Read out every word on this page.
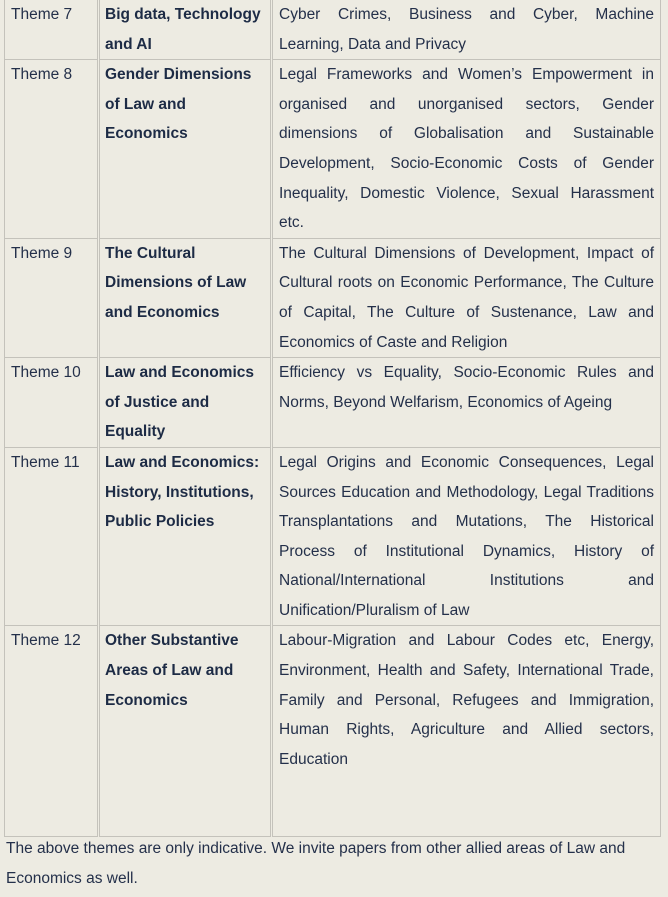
Theme 7	Big data, Technology and AI	Cyber Crimes, Business and Cyber, Machine Learning, Data and Privacy
Theme 8	Gender Dimensions of Law and Economics	Legal Frameworks and Women’s Empowerment in organised and unorganised sectors, Gender dimensions of Globalisation and Sustainable Development, Socio-Economic Costs of Gender Inequality, Domestic Violence, Sexual Harassment etc.
Theme 9	The Cultural Dimensions of Law and Economics	The Cultural Dimensions of Development, Impact of Cultural roots on Economic Performance, The Culture of Capital, The Culture of Sustenance, Law and Economics of Caste and Religion
Theme 10	Law and Economics of Justice and Equality	Efficiency vs Equality, Socio-Economic Rules and Norms, Beyond Welfarism, Economics of Ageing
Theme 11	Law and Economics: History, Institutions, Public Policies	Legal Origins and Economic Consequences, Legal Sources Education and Methodology, Legal Traditions Transplantations and Mutations, The Historical Process of Institutional Dynamics, History of National/International Institutions and Unification/Pluralism of Law
Theme 12	Other Substantive Areas of Law and Economics	Labour-Migration and Labour Codes etc, Energy, Environment, Health and Safety, International Trade, Family and Personal, Refugees and Immigration, Human Rights, Agriculture and Allied sectors, Education
The above themes are only indicative. We invite papers from other allied areas of Law and Economics as well.
